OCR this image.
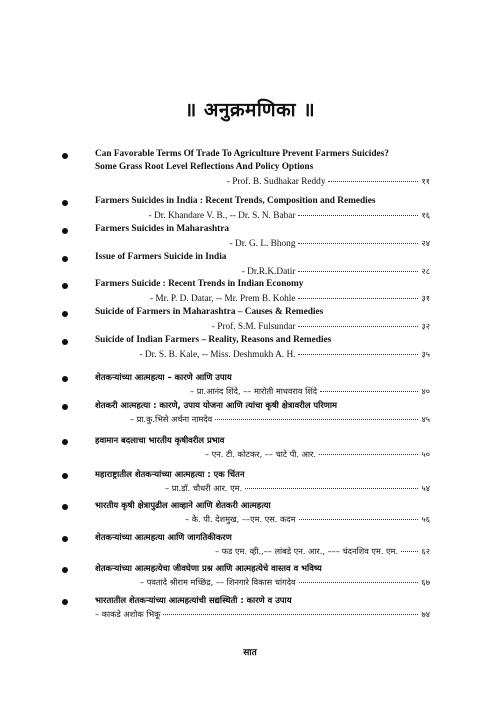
॥ अनुक्रमणिका ॥
Can Favorable Terms Of Trade To Agriculture Prevent Farmers Suicides?
Some Grass Root Level Reflections And Policy Options
- Prof. B. Sudhakar Reddy	११
Farmers Suicides in India : Recent Trends, Composition and Remedies
- Dr. Khandare V. B., -- Dr. S. N. Babar	१६
Farmers Suicides in Maharashtra
- Dr. G. L. Bhong	२४
Issue of Farmers Suicide in India
- Dr.R.K.Datir	२८
Farmers Suicide : Recent Trends in Indian Economy
- Mr. P. D. Datar, -- Mr. Prem B. Kohle	३१
Suicide of Farmers in Maharashtra – Causes & Remedies
- Prof. S.M. Fulsundar	३२
Suicide of Indian Farmers – Reality, Reasons and Remedies
- Dr. S. B. Kale, -- Miss. Deshmukh A. H.	३५
शेतकऱ्यांच्या आत्महत्या – कारणे आणि उपाय
– प्रा.आनंद शिंदे, –– मारोती माधवराव शिंदे	४०
शेतकरी आत्महत्या : कारणे, उपाय योजना आणि त्यांचा कृषी क्षेत्रावरील परिणाम
– प्रा.कु.भिसे अर्चना नामदेव	४५
हवामान बदलाचा भारतीय कृषीवरील प्रभाव
– एन. टी. कोटकर, –– चाटे पी. आर.	५०
महाराष्ट्रातील शेतकऱ्यांच्या आत्महत्या : एक चिंतन
– प्रा.डॉ. चौधरी आर. एम.	५४
भारतीय कृषी क्षेत्रापुढील आव्हाने आणि शेतकरी आत्महत्या
– के. पी. देशमुख, ––एम. एस. कदम	५६
शेतकऱ्यांच्या आत्महत्या आणि जागतिकीकरण
– फड एम. व्ही.,–– लांबडे एन. आर., ––– चंदनशिव एम. एम.	६२
शेतकऱ्यांच्या आत्महत्येचा जीवघेणा प्रश्न आणि आत्महत्येचे वास्तव व भविष्य
– पवतादे श्रीराम मच्छिंद्र, –– शिनगारे विकास चांगदेव	६७
भारतातील शेतकऱ्यांच्या आत्महत्यांची सद्यस्थिती : कारणे व उपाय
– काकडे अशोक भिकू	७४
सात
